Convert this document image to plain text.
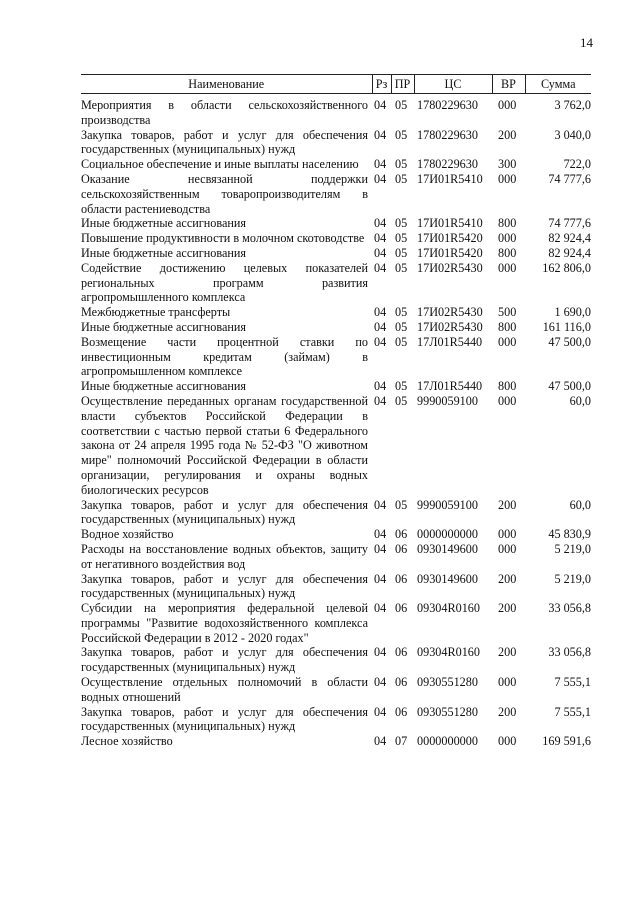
14
Наименование	Рз	ПР	ЦС	ВР	Сумма

Мероприятия в области сельскохозяйственного производства	04	05	1780229630	000	3 762,0
Закупка товаров, работ и услуг для обеспечения государственных (муниципальных) нужд	04	05	1780229630	200	3 040,0
Социальное обеспечение и иные выплаты населению	04	05	1780229630	300	722,0
Оказание несвязанной поддержки сельскохозяйственным товаропроизводителям в области растениеводства	04	05	17И01R5410	000	74 777,6
Иные бюджетные ассигнования	04	05	17И01R5410	800	74 777,6
Повышение продуктивности в молочном скотоводстве	04	05	17И01R5420	000	82 924,4
Иные бюджетные ассигнования	04	05	17И01R5420	800	82 924,4
Содействие достижению целевых показателей региональных программ развития агропромышленного комплекса	04	05	17И02R5430	000	162 806,0
Межбюджетные трансферты	04	05	17И02R5430	500	1 690,0
Иные бюджетные ассигнования	04	05	17И02R5430	800	161 116,0
Возмещение части процентной ставки по инвестиционным кредитам (займам) в агропромышленном комплексе	04	05	17Л01R5440	000	47 500,0
Иные бюджетные ассигнования	04	05	17Л01R5440	800	47 500,0
Осуществление переданных органам государственной власти субъектов Российской Федерации в соответствии с частью первой статьи 6 Федерального закона от 24 апреля 1995 года № 52-ФЗ "О животном мире" полномочий Российской Федерации в области организации, регулирования и охраны водных биологических ресурсов	04	05	9990059100	000	60,0
Закупка товаров, работ и услуг для обеспечения государственных (муниципальных) нужд	04	05	9990059100	200	60,0
Водное хозяйство	04	06	0000000000	000	45 830,9
Расходы на восстановление водных объектов, защиту от негативного воздействия вод	04	06	0930149600	000	5 219,0
Закупка товаров, работ и услуг для обеспечения государственных (муниципальных) нужд	04	06	0930149600	200	5 219,0
Субсидии на мероприятия федеральной целевой программы "Развитие водохозяйственного комплекса Российской Федерации в 2012 - 2020 годах"	04	06	09304R0160	200	33 056,8
Закупка товаров, работ и услуг для обеспечения государственных (муниципальных) нужд	04	06	09304R0160	200	33 056,8
Осуществление отдельных полномочий в области водных отношений	04	06	0930551280	000	7 555,1
Закупка товаров, работ и услуг для обеспечения государственных (муниципальных) нужд	04	06	0930551280	200	7 555,1
Лесное хозяйство	04	07	0000000000	000	169 591,6
